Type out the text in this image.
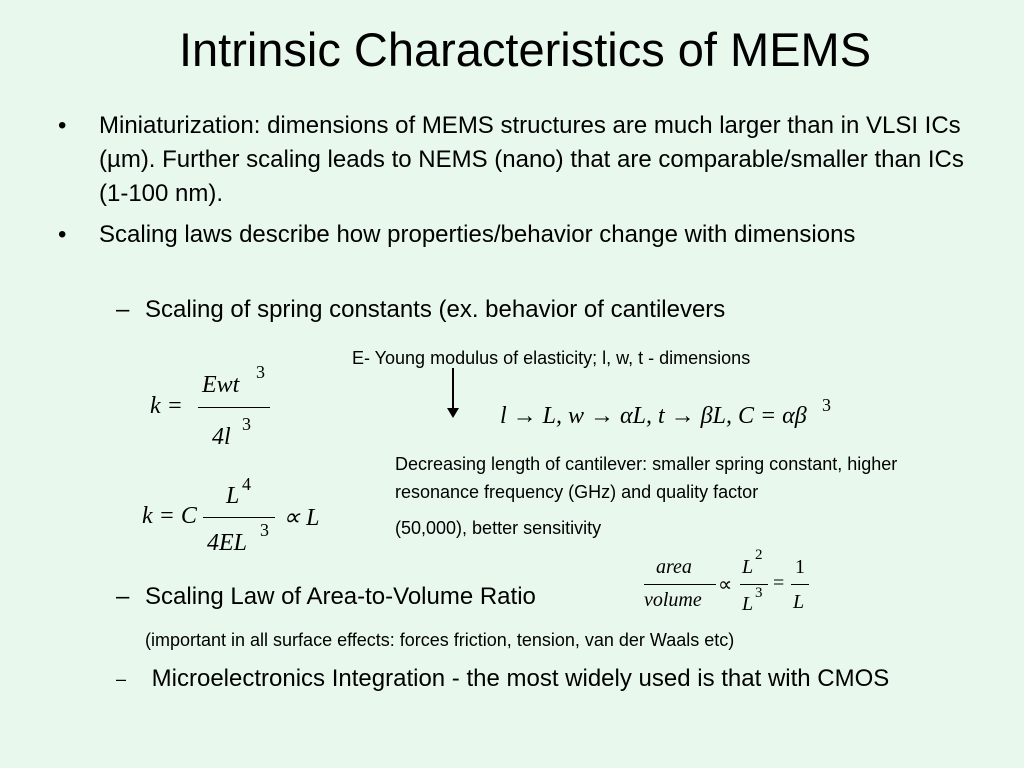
Intrinsic Characteristics of MEMS
• Miniaturization: dimensions of MEMS structures are much larger than in VLSI ICs (µm). Further scaling leads to NEMS (nano) that are comparable/smaller than ICs (1-100 nm).
• Scaling laws describe how properties/behavior change with dimensions
– Scaling of spring constants (ex. behavior of cantilevers
E- Young modulus of elasticity; l, w, t - dimensions
k =
Ewt 3
4l 3	l → L, w → αL, t → βL, C = αβ 3
Decreasing length of cantilever: smaller spring constant, higher resonance frequency (GHz) and quality factor
(50,000), better sensitivity
k = C
L 4
4EL 3 ∝ L
– Scaling Law of Area-to-Volume Ratio
area
volume
∝
L
2
L 3 =
1
L
(important in all surface effects: forces friction, tension, van der Waals etc)
– Microelectronics Integration - the most widely used is that with CMOS
